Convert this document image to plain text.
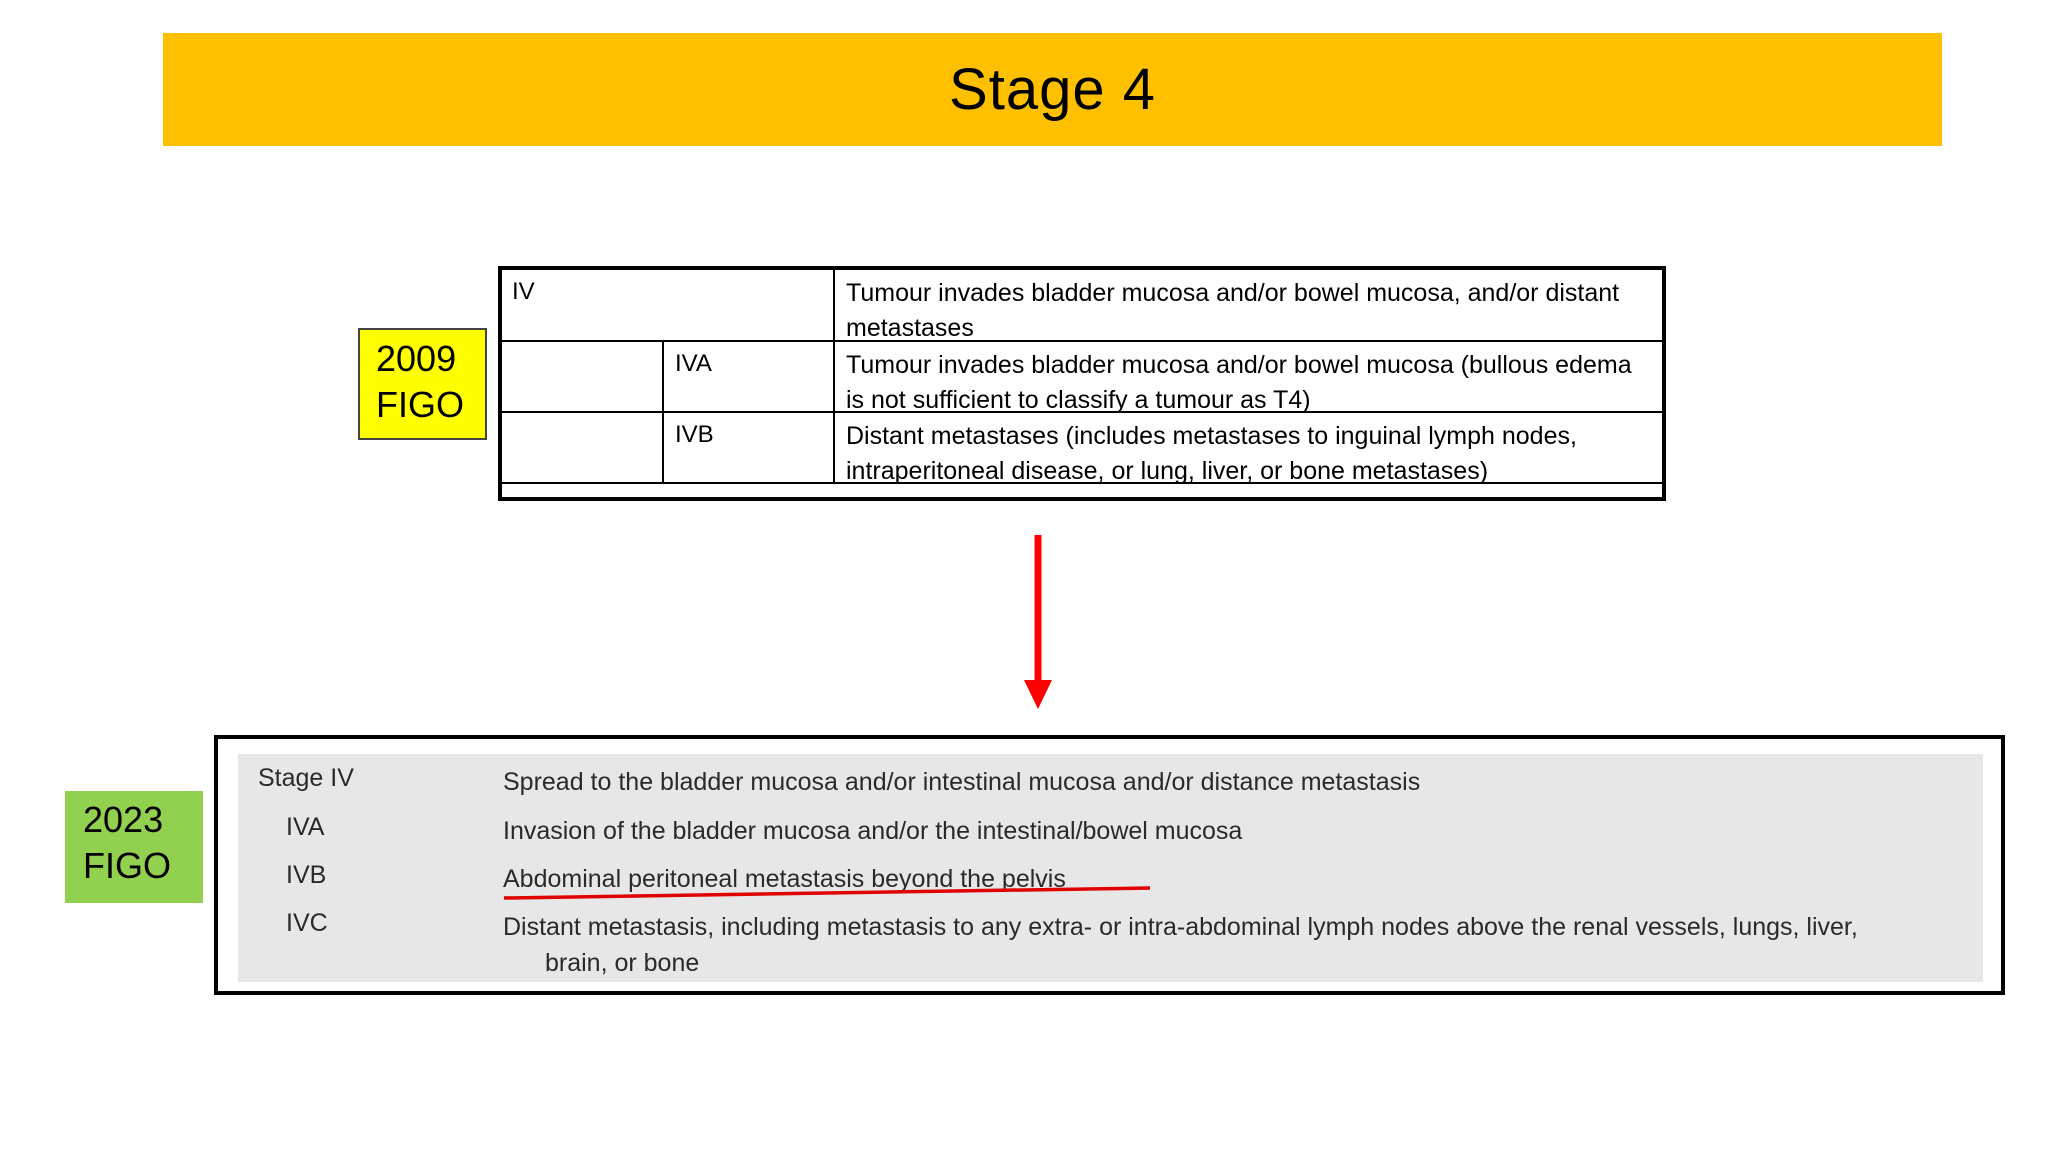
Stage 4
2009
FIGO
IV	Tumour invades bladder mucosa and/or bowel mucosa, and/or distant metastases
IVA	Tumour invades bladder mucosa and/or bowel mucosa (bullous edema is not sufficient to classify a tumour as T4)
IVB	Distant metastases (includes metastases to inguinal lymph nodes, intraperitoneal disease, or lung, liver, or bone metastases)
2023
FIGO
Stage IV	Spread to the bladder mucosa and/or intestinal mucosa and/or distance metastasis
IVA	Invasion of the bladder mucosa and/or the intestinal/bowel mucosa
IVB	Abdominal peritoneal metastasis beyond the pelvis
IVC	Distant metastasis, including metastasis to any extra- or intra-abdominal lymph nodes above the renal vessels, lungs, liver,
brain, or bone
